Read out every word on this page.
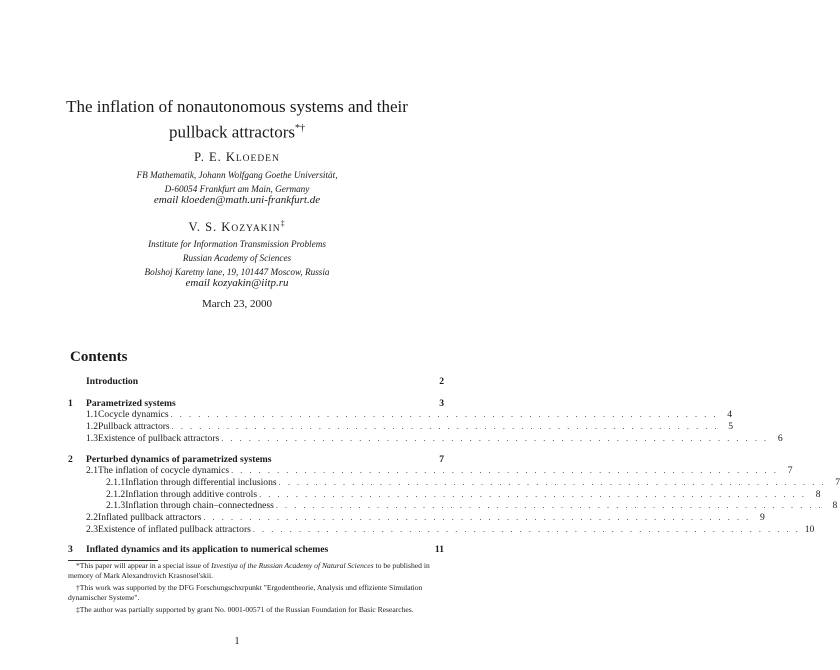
The inflation of nonautonomous systems and their
pullback attractors*†
P. E. KLOEDEN
FB Mathematik, Johann Wolfgang Goethe Universität,
D-60054 Frankfurt am Main, Germany
email kloeden@math.uni-frankfurt.de
V. S. KOZYAKIN‡
Institute for Information Transmission Problems
Russian Academy of Sciences
Bolshoj Karetny lane, 19, 101447 Moscow, Russia
email kozyakin@iitp.ru
March 23, 2000
Contents
Introduction	2
1	Parametrized systems	3
1.1 Cocycle dynamics . . . . . . . . . . . . . . . . . . . . . . . . . . . . . . . . . . . . . . . . . . . . . . . . . . . . . . . . . . . . 4
1.2 Pullback attractors . . . . . . . . . . . . . . . . . . . . . . . . . . . . . . . . . . . . . . . . . . . . . . . . . . . . . . . . . . . . 5
1.3 Existence of pullback attractors . . . . . . . . . . . . . . . . . . . . . . . . . . . . . . . . . . . . . . . . . . . . . . . . . . . . . . . . . . . . 6
2	Perturbed dynamics of parametrized systems	7
2.1 The inflation of cocycle dynamics . . . . . . . . . . . . . . . . . . . . . . . . . . . . . . . . . . . . . . . . . . . . . . . . . . . . . . . . . . . . 7
2.1.1 Inflation through differential inclusions . . . . . . . . . . . . . . . . . . . . . . . . . . . . . . . . . . . . . . . . . . . . . . . . . . . . . . . . . . . . 7
2.1.2 Inflation through additive controls . . . . . . . . . . . . . . . . . . . . . . . . . . . . . . . . . . . . . . . . . . . . . . . . . . . . . . . . . . . . 8
2.1.3 Inflation through chain–connectedness . . . . . . . . . . . . . . . . . . . . . . . . . . . . . . . . . . . . . . . . . . . . . . . . . . . . . . . . . . . . 8
2.2 Inflated pullback attractors . . . . . . . . . . . . . . . . . . . . . . . . . . . . . . . . . . . . . . . . . . . . . . . . . . . . . . . . . . . . 9
2.3 Existence of inflated pullback attractors . . . . . . . . . . . . . . . . . . . . . . . . . . . . . . . . . . . . . . . . . . . . . . . . . . . . . . . . . . . . 10
3	Inflated dynamics and its application to numerical schemes	11
*This paper will appear in a special issue of Izvestiya of the Russian Academy of Natural Sciences to be published in memory of Mark Alexandrovich Krasnosel'skii.
†This work was supported by the DFG Forschungschxrpunkt "Ergodentheorie, Analysis und effiziente Simulation dynamischer Systeme".
‡The author was partially supported by grant No. 0001-00571 of the Russian Foundation for Basic Researches.
1
